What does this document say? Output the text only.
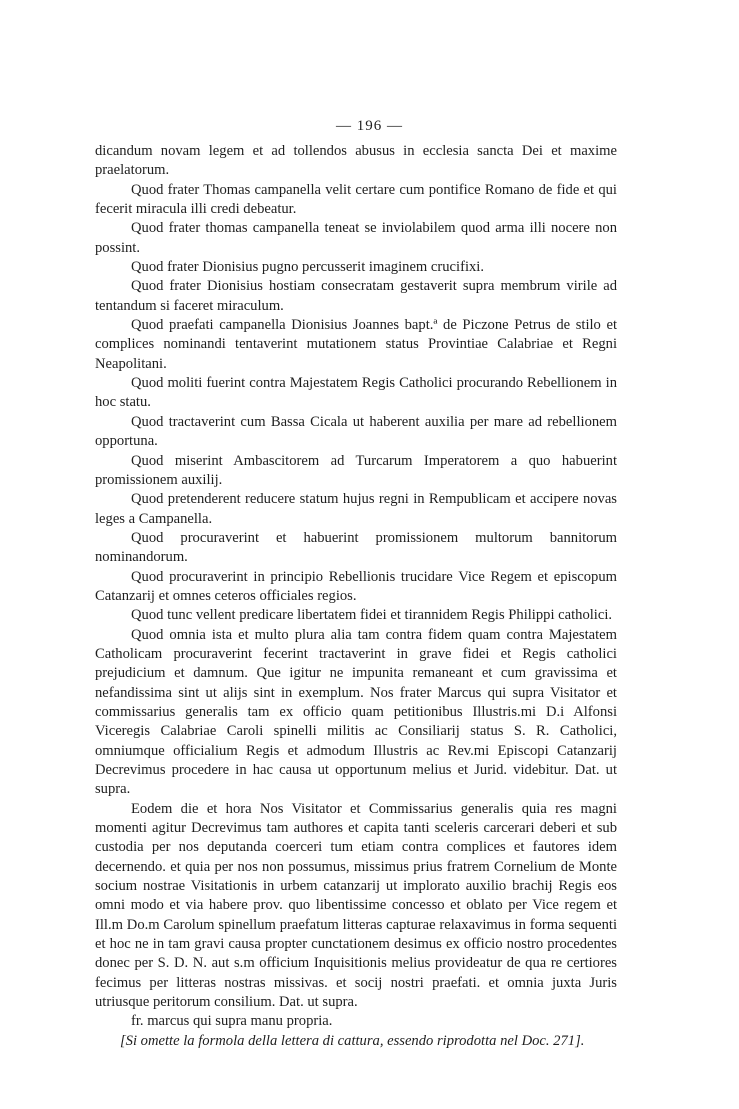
— 196 —

dicandum novam legem et ad tollendos abusus in ecclesia sancta Dei et maxime praelatorum.

Quod frater Thomas campanella velit certare cum pontifice Romano de fide et qui fecerit miracula illi credi debeatur.

Quod frater thomas campanella teneat se inviolabilem quod arma illi nocere non possint.

Quod frater Dionisius pugno percusserit imaginem crucifixi.

Quod frater Dionisius hostiam consecratam gestaverit supra membrum virile ad tentandum si faceret miraculum.

Quod praefati campanella Dionisius Joannes bapt.ª de Piczone Petrus de stilo et complices nominandi tentaverint mutationem status Provintiae Calabriae et Regni Neapolitani.

Quod moliti fuerint contra Majestatem Regis Catholici procurando Rebellionem in hoc statu.

Quod tractaverint cum Bassa Cicala ut haberent auxilia per mare ad rebellionem opportuna.

Quod miserint Ambascitorem ad Turcarum Imperatorem a quo habuerint promissionem auxilij.

Quod pretenderent reducere statum hujus regni in Rempublicam et accipere novas leges a Campanella.

Quod procuraverint et habuerint promissionem multorum bannitorum nominandorum.

Quod procuraverint in principio Rebellionis trucidare Vice Regem et episcopum Catanzarij et omnes ceteros officiales regios.

Quod tunc vellent predicare libertatem fidei et tirannidem Regis Philippi catholici.

Quod omnia ista et multo plura alia tam contra fidem quam contra Majestatem Catholicam procuraverint fecerint tractaverint in grave fidei et Regis catholici prejudicium et damnum. Que igitur ne impunita remaneant et cum gravissima et nefandissima sint ut alijs sint in exemplum. Nos frater Marcus qui supra Visitator et commissarius generalis tam ex officio quam petitionibus Illustris.mi D.i Alfonsi Viceregis Calabriae Caroli spinelli militis ac Consiliarij status S. R. Catholici, omniumque officialium Regis et admodum Illustris ac Rev.mi Episcopi Catanzarij Decrevimus procedere in hac causa ut opportunum melius et Jurid. videbitur. Dat. ut supra.

Eodem die et hora Nos Visitator et Commissarius generalis quia res magni momenti agitur Decrevimus tam authores et capita tanti sceleris carcerari deberi et sub custodia per nos deputanda coerceri tum etiam contra complices et fautores idem decernendo. et quia per nos non possumus, missimus prius fratrem Cornelium de Monte socium nostrae Visitationis in urbem catanzarij ut implorato auxilio brachij Regis eos omni modo et via habere prov. quo libentissime concesso et oblato per Vice regem et Ill.m Do.m Carolum spinellum praefatum litteras capturae relaxavimus in forma sequenti et hoc ne in tam gravi causa propter cunctationem desimus ex officio nostro procedentes donec per S. D. N. aut s.m officium Inquisitionis melius provideatur de qua re certiores fecimus per litteras nostras missivas. et socij nostri praefati. et omnia juxta Juris utriusque peritorum consilium. Dat. ut supra.

fr. marcus qui supra manu propria.

[Si omette la formola della lettera di cattura, essendo riprodotta nel Doc. 271].
